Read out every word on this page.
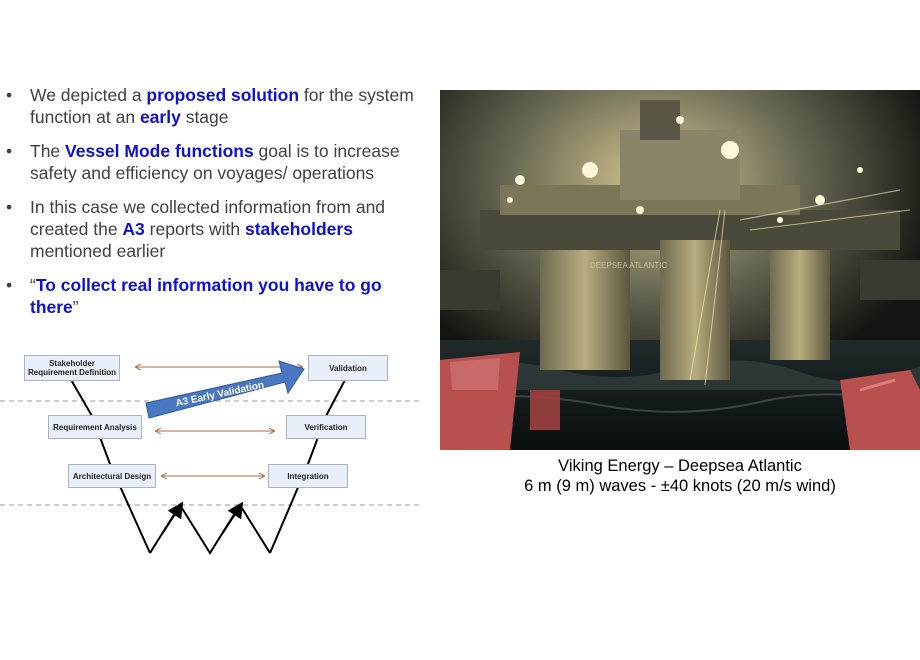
• We depicted a proposed solution for the system function at an early stage
• The Vessel Mode functions goal is to increase safety and efficiency on voyages/ operations
• In this case we collected information from and created the A3 reports with stakeholders mentioned earlier
• “To collect real information you have to go there”
A3 Early Validation
Stakeholder Requirement Definition	Validation
Requirement Analysis	Verification
Architectural Design	Integration
DEEPSEA ATLANTIC
Viking Energy – Deepsea Atlantic
6 m (9 m) waves - ±40 knots (20 m/s wind)
